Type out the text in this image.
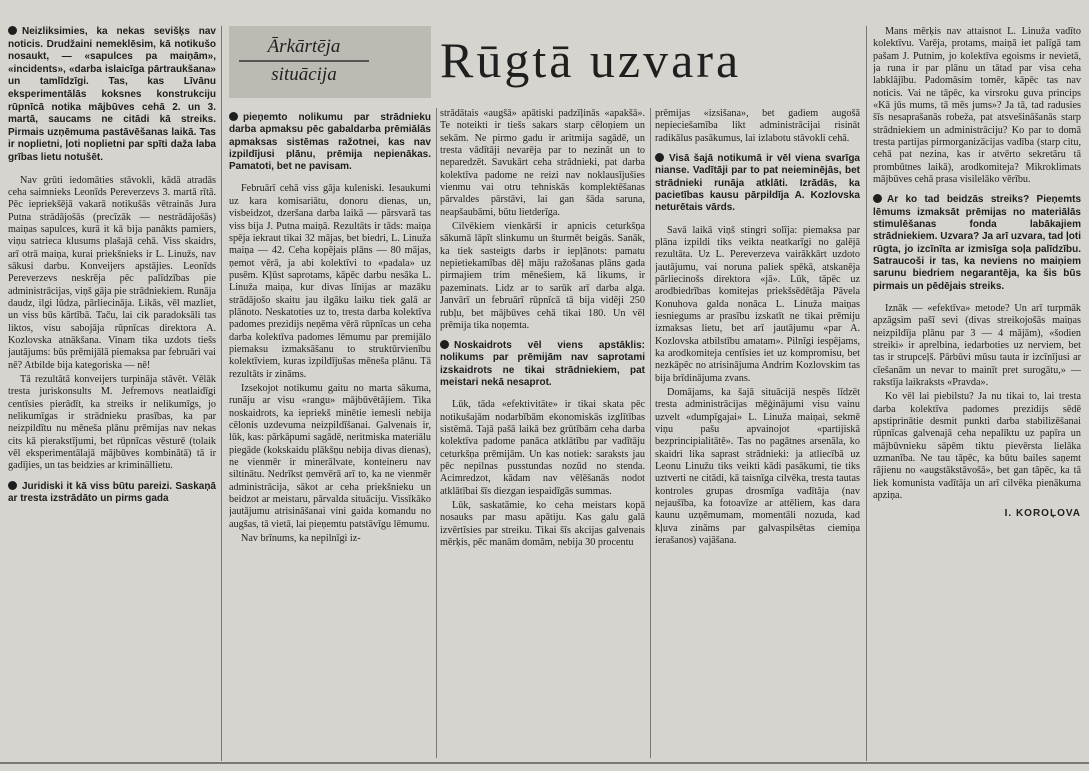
Neizliksimies, ka nekas sevišķs nav noticis. Drudžaini nemeklēsim, kā notikušo nosaukt, — «sapulces pa maiņām», «incidents», «darba islaicīga pārtraukšana» un tamlīdzīgi. Tas, kas Līvānu eksperimentālās koksnes konstrukciju rūpnīcā notika mājbūves cehā 2. un 3. martā, saucams ne citādi kā streiks. Pirmais uzņēmuma pastāvēšanas laikā. Tas ir noplietni, ļoti noplietni par spīti daža laba grības lietu notušēt.

Nav grūti iedomāties stāvokli, kādā atradās ceha saimnieks Leonīds Pereverzevs 3. martā rītā. Pēc iepriekšējā vakarā notikušās vētrainās Jura Putna strādājošās (precīzāk — nestrādājošās) maiņas sapulces, kurā it kā bija panākts pamiers, viņu satrieca klusums plašajā cehā. Viss skaidrs, arī otrā maiņa, kurai priekšnieks ir L. Linužs, nav sākusi darbu. Konveijers apstājies. Leonīds Pereverzevs neskrēja pēc palīdzības pie administrācijas, viņš gāja pie strādniekiem. Runāja daudz, ilgi lūdza, pārliecināja. Likās, vēl mazliet, un viss būs kārtībā. Taču, lai cik paradoksāli tas liktos, visu sabojāja rūpnīcas direktora A. Kozlovska atnākšana. Vinam tika uzdots tiešs jautājums: būs prēmijālā piemaksa par februāri vai nē? Atbilde bija kategoriska — nē!

Tā rezultātā konveijers turpināja stāvēt. Vēlāk tresta juriskonsults M. Jefremovs neatlaidīgi centīsies pierādīt, ka streiks ir nelikumīgs, jo nelikumīgas ir strādnieku prasības, ka par neizpildītu nu mēneša plānu prēmijas nav nekas cits kā pierakstījumi, bet rūpnīcas vēsturē (tolaik vēl eksperimentālajā mājbūves kombinātā) tā ir gadījies, un tas beidzies ar kriminällietu.

Juridiski it kā viss būtu pareizi. Saskaņā ar tresta izstrādāto un pirms gada
Ārkārtēja
situācija	Rūgtā uzvara
pieņemto nolikumu par strādnieku darba apmaksu pēc gabaldarba prēmiālās apmaksas sistēmas ražotnei, kas nav izpildījusi plānu, prēmija nepienākas. Pamatoti, bet ne pavisam.

Februārī cehā viss gāja kuleniski. Iesaukumi uz kara komisariātu, donoru dienas, un, visbeidzot, dzeršana darba laikā — pārsvarā tas viss bija J. Putna maiņā. Rezultāts ir tāds: maiņa spēja iekraut tikai 32 mājas, bet biedri, L. Linuža maiņa — 42. Ceha kopējais plāns — 80 mājas, ņemot vērā, ja abi kolektīvi to «padala» uz pusēm. Kļūst saprotams, kāpēc darbu nesāka L. Linuža maiņa, kur divas līnijas ar mazāku strādājošo skaitu jau ilgāku laiku tiek galā ar plānoto. Neskatoties uz to, tresta darba kolektīva padomes prezidijs neņēma vērā rūpnīcas un ceha darba kolektīva padomes lēmumu par premijālo piemaksu izmaksāšanu to struktūrvienību kolektīviem, kuras izpildījušas mēneša plānu. Tā rezultāts ir zināms.

Izsekojot notikumu gaitu no marta sākuma, runāju ar visu «rangu» mājbūvētājiem. Tika noskaidrots, ka iepriekš minētie iemesli nebija cēlonis uzdevuma neizpildīšanai. Galvenais ir, lūk, kas: pārkāpumi sagādē, neritmiska materiālu piegāde (kokskaidu plākšņu nebija divas dienas), ne vienmēr ir minerālvate, konteineru nav siltinātu. Nedrīkst ņemvērā arī to, ka ne vienmēr administrācija, sākot ar ceha priekšnieku un beidzot ar meistaru, pārvalda situāciju. Vissīkāko jautājumu atrisināšanai vini gaida komandu no augšas, tā vietā, lai pieņemtu patstāvīgu lēmumu.

Nav brīnums, ka nepilnīgi iz-

strādātais «augšā» apātiski padzīļinās «apakšā». Te noteikti ir tiešs sakars starp cēloņiem un sekām. Ne pirmo gadu ir aritmija sagādē, un tresta vādītāji nevarēja par to nezināt un to neparedzēt. Savukārt ceha strādnieki, pat darba kolektīva padome ne reizi nav noklausījušies vienmu vai otru tehniskās komplektēšanas pārvaldes pārstāvi, lai gan šāda saruna, neapšaubāmi, būtu lietderīga.

Cilvēkiem vienkārši ir apnicis ceturkšņa sākumā lāpīt slinkumu un šturmēt beigās. Sanāk, ka tiek sasteigts darbs ir iepļānots: pamatu nepietiekamības dēļ māju ražošanas plāns gada pirmajiem trim mēnešiem, kā likums, ir pazeminats. Lidz ar to sarūk arī darba alga. Janvārī un februārī rūpnīcā tā bija vidēji 250 rubļu, bet mājbūves cehā tikai 180. Un vēl prēmija tika noņemta.

Noskaidrots vēl viens apstāklis: nolikums par prēmijām nav saprotami izskaidrots ne tikai strādniekiem, pat meistari nekā nesaprot.

Lūk, tāda «efektivitāte» ir tikai skata pēc notikušajām nodarbībām ekonomiskās izglītības sistēmā. Tajā pašā laikā bez grūtībām ceha darba kolektīva padome panāca atklātību par vadītāju ceturkšņa prēmijām. Un kas notiek: saraksts jau pēc nepilnas pusstundas nozūd no stenda. Acimredzot, kādam nav vēlēšanās nodot atklātībai šīs diezgan iespaidīgās summas.

Lūk, saskatāmie, ko ceha meistars kopā nosauks par masu apātiju. Kas galu galā izvērtīsies par streiku. Tikai šīs akcijas galvenais mērķis, pēc manām domām, nebija 30 procentu

prēmijas «izsišana», bet gadiem augošā nepieciešamība likt administrācijai risināt radikālus pasākumus, lai izlabotu stāvokli cehā.

Visā šajā notikumā ir vēl viena svarīga nianse. Vadītāji par to pat neieminējās, bet strādnieki runāja atklāti. Izrādās, ka pacietības kausu pārpildīja A. Kozlovska neturētais vārds.

Savā laikā viņš stingri solīja: piemaksa par plāna izpildi tiks veikta neatkarīgi no galējā rezultāta. Uz L. Pereverzeva vairākkārt uzdoto jautājumu, vai noruna paliek spēkā, atskanēja pārliecinošs direktora «jā». Lūk, tāpēc uz arodbiedrības komitejas priekšsēdētāja Pāvela Konuhova galda nonāca L. Linuža maiņas iesniegums ar prasību izskatīt ne tikai prēmiju izmaksas lietu, bet arī jautājumu «par A. Kozlovska atbilstību amatam». Pilnīgi iespējams, ka arodkomiteja centīsies iet uz kompromisu, bet nezkāpēc no atrisinājuma Andrim Kozlovskim tas bija brīdinājuma zvans.

Domājams, ka šajā situācijā nespēs līdzēt tresta administrācijas mēģinājumi visu vainu uzvelt «dumpīgajai» L. Linuža maiņai, sekmē viņu pašu apvainojot «partijiskā bezprincipialitātē». Tas no pagātnes arsenāla, ko skaidri lika saprast strādnieki: ja atliecībā uz Leonu Linužu tiks veikti kādi pasākumi, tie tiks uztverti ne citādi, kā taisnīga cilvēka, tresta tautas kontroles grupas drosmīga vadītāja (nav nejaušība, ka fotoavīze ar attēliem, kas dara kaunu uzņēmumam, momentāli nozuda, kad kļuva zināms par galvaspilsētas ciemiņa ierašanos) vajāšana.

Mans mērķis nav attaisnot L. Linuža vadīto kolektīvu. Varēja, protams, maiņā iet palīgā tam pašam J. Putnim, jo kolektīva egoisms ir nevietā, ja runa ir par plānu un tātad par visa ceha labklājību. Padomāsim tomēr, kāpēc tas nav noticis. Vai ne tāpēc, ka virsroku guva princips «Kā jūs mums, tā mēs jums»? Ja tā, tad radusies šīs nesaprašanās robeža, pat atsvešināšanās starp strādniekiem un administrāciju? Ko par to domā tresta partijas pirmorganizācijas vadība (starp citu, cehā pat nezina, kas ir atvērto sekretāru tā prombūtnes laikā), arodkomiteja? Mikroklimats mājbūves cehā prasa visilelāko vērību.

Ar ko tad beidzās streiks? Pieņemts lēmums izmaksāt prēmijas no materiālās stimulēšanas fonda labākajiem strādniekiem. Uzvara? Ja arī uzvara, tad ļoti rūgta, jo izcīnīta ar izmisīga soļa palīdzību. Satraucoši ir tas, ka neviens no maiņiem sarunu biedriem negarantēja, ka šis būs pirmais un pēdējais streiks.

Iznāk — «efektīva» metode? Un arī turpmāk apzāgsim pašī sevi (divas streikojošās maiņas neizpildīja plānu par 3 — 4 mājām), «šodien streiki» ir aprelbina, iedarboties uz nerviem, bet tas ir strupceļš. Pārbūvi mūsu tauta ir izcīnījusi ar cīešanām un nevar to mainīt pret surogātu,» — rakstīja laikraksts «Pravda».

Ko vēl lai piebilstu? Ja nu tikai to, lai tresta darba kolektīva padomes prezidijs sēdē apstiprinātie desmit punkti darba stabilizēšanai rūpnīcas galvenajā ceha nepalīktu uz papīra un mājbūvnieku sāpēm tiktu pievērsta lielāka uzmanība. Ne tau tāpēc, ka būtu bailes saņemt rājienu no «augstākstāvošā», bet gan tāpēc, ka tā liek komunista vadītāja un arī cilvēka pienākuma apziņa.

I. KOROĻOVA
